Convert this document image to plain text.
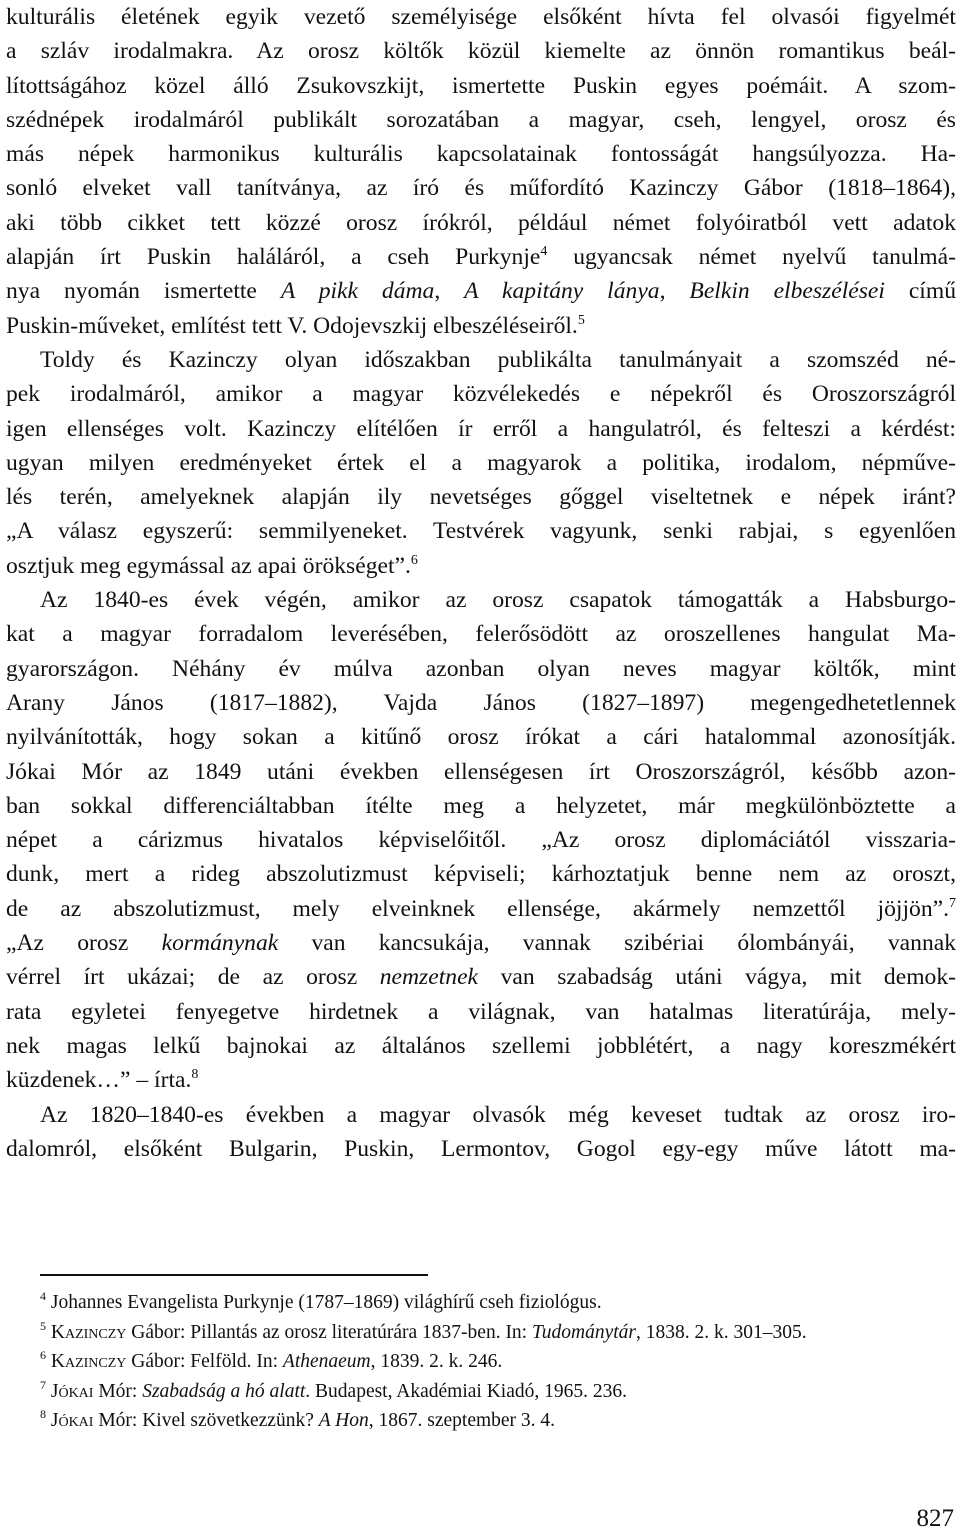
kulturális életének egyik vezető személyisége elsőként hívta fel olvasói figyelmét
a szláv irodalmakra. Az orosz költők közül kiemelte az önnön romantikus beál-
lítottságához közel álló Zsukovszkijt, ismertette Puskin egyes poémáit. A szom-
szédnépek irodalmáról publikált sorozatában a magyar, cseh, lengyel, orosz és
más népek harmonikus kulturális kapcsolatainak fontosságát hangsúlyozza. Ha-
sonló elveket vall tanítványa, az író és műfordító Kazinczy Gábor (1818–1864),
aki több cikket tett közzé orosz írókról, például német folyóiratból vett adatok
alapján írt Puskin haláláról, a cseh Purkynje$^4$ ugyancsak német nyelvű tanulmá-
nya nyomán ismertette A pikk dáma, A kapitány lánya, Belkin elbeszélései című
Puskin-műveket, említést tett V. Odojevszkij elbeszéléseiről.$^5$

Toldy és Kazinczy olyan időszakban publikálta tanulmányait a szomszéd né-
pek irodalmáról, amikor a magyar közvélekedés e népekről és Oroszországról
igen ellenséges volt. Kazinczy elítélően ír erről a hangulatról, és felteszi a kérdést:
ugyan milyen eredményeket értek el a magyarok a politika, irodalom, népműve-
lés terén, amelyeknek alapján ily nevetséges gőggel viseltetnek e népek iránt?
„A válasz egyszerű: semmilyeneket. Testvérek vagyunk, senki rabjai, s egyenlően
osztjuk meg egymással az apai örökséget”.$^6$

Az 1840-es évek végén, amikor az orosz csapatok támogatták a Habsburgo-
kat a magyar forradalom leverésében, felerősödött az oroszellenes hangulat Ma-
gyarországon. Néhány év múlva azonban olyan neves magyar költők, mint
Arany János (1817–1882), Vajda János (1827–1897) megengedhetetlennek
nyilvánították, hogy sokan a kitűnő orosz írókat a cári hatalommal azonosítják.
Jókai Mór az 1849 utáni években ellenségesen írt Oroszországról, később azon-
ban sokkal differenciáltabban ítélte meg a helyzetet, már megkülönböztette a
népet a cárizmus hivatalos képviselőitől. „Az orosz diplomáciától visszaria-
dunk, mert a rideg abszolutizmust képviseli; kárhoztatjuk benne nem az oroszt,
de az abszolutizmust, mely elveinknek ellensége, akármely nemzettől jöjjön”.$^7$
„Az orosz kormánynak van kancsukája, vannak szibériai ólombányái, vannak
vérrel írt ukázai; de az orosz nemzetnek van szabadság utáni vágya, mit demok-
rata egyletei fenyegetve hirdetnek a világnak, van hatalmas literatúrája, mely-
nek magas lelkű bajnokai az általános szellemi jobblétért, a nagy koreszmékért
küzdenek…” – írta.$^8$

Az 1820–1840-es években a magyar olvasók még keveset tudtak az orosz iro-
dalomról, elsőként Bulgarin, Puskin, Lermontov, Gogol egy-egy műve látott ma-

$^4$ Johannes Evangelista Purkynje (1787–1869) világhírű cseh fiziológus.

$^5$ Kazinczy Gábor: Pillantás az orosz literatúrára 1837-ben. In: Tudománytár, 1838. 2. k. 301–305.

$^6$ Kazinczy Gábor: Felföld. In: Athenaeum, 1839. 2. k. 246.

$^7$ Jókai Mór: Szabadság a hó alatt. Budapest, Akadémiai Kiadó, 1965. 236.

$^8$ Jókai Mór: Kivel szövetkezzünk? A Hon, 1867. szeptember 3. 4.

827
